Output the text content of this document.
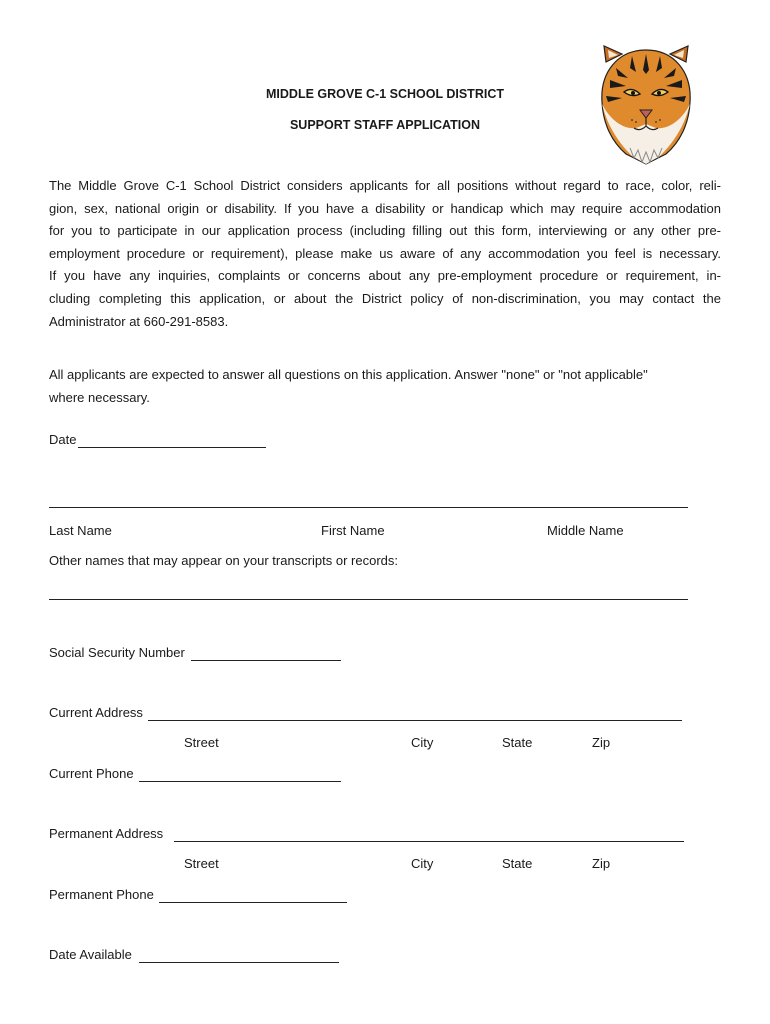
MIDDLE GROVE C-1 SCHOOL DISTRICT
SUPPORT STAFF APPLICATION
The Middle Grove C-1 School District considers applicants for all positions without regard to race, color, reli-
gion, sex, national origin or disability. If you have a disability or handicap which may require accommodation
for you to participate in our application process (including filling out this form, interviewing or any other pre-
employment procedure or requirement), please make us aware of any accommodation you feel is necessary.
If you have any inquiries, complaints or concerns about any pre-employment procedure or requirement, in-
cluding completing this application, or about the District policy of non-discrimination, you may contact the
Administrator at 660-291-8583.
All applicants are expected to answer all questions on this application. Answer "none" or "not applicable"
where necessary.
Date
Last Name	First Name	Middle Name
Other names that may appear on your transcripts or records:
Social Security Number
Current Address
Street	City	State	Zip
Current Phone
Permanent Address
Street	City	State	Zip
Permanent Phone
Date Available
